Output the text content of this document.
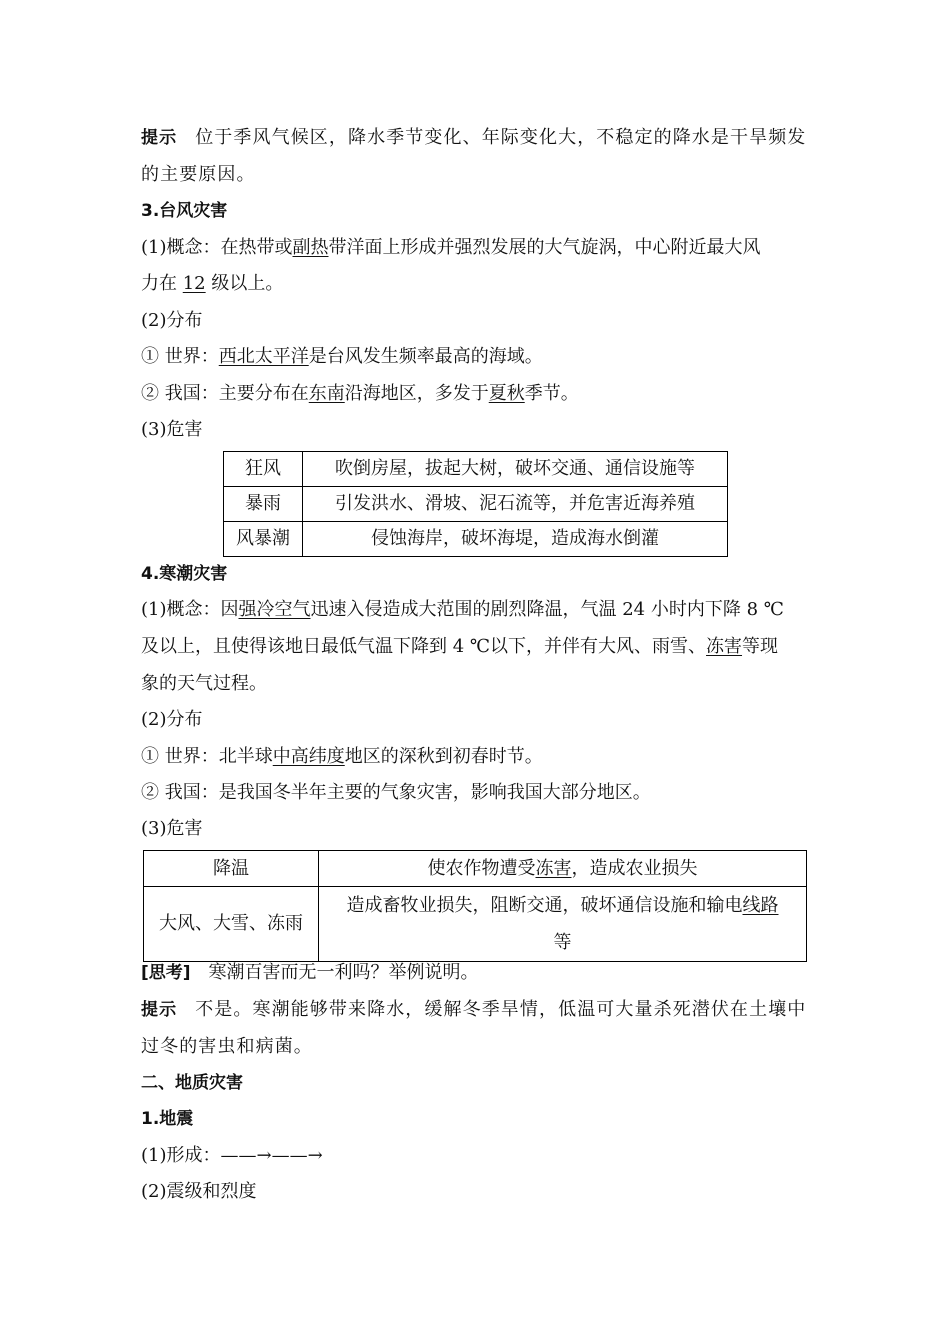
提示 位于季风气候区，降水季节变化、年际变化大，不稳定的降水是干旱频发
的主要原因。
3.台风灾害
(1)概念：在热带或副热带洋面上形成并强烈发展的大气旋涡，中心附近最大风
力在 12 级以上。
(2)分布
① 世界：西北太平洋是台风发生频率最高的海域。
② 我国：主要分布在东南沿海地区，多发于夏秋季节。
(3)危害
狂风	吹倒房屋，拔起大树，破坏交通、通信设施等
暴雨	引发洪水、滑坡、泥石流等，并危害近海养殖
风暴潮	侵蚀海岸，破坏海堤，造成海水倒灌
4.寒潮灾害
(1)概念：因强冷空气迅速入侵造成大范围的剧烈降温，气温 24 小时内下降 8 ℃
及以上，且使得该地日最低气温下降到 4 ℃以下，并伴有大风、雨雪、冻害等现
象的天气过程。
(2)分布
① 世界：北半球中高纬度地区的深秋到初春时节。
② 我国：是我国冬半年主要的气象灾害，影响我国大部分地区。
(3)危害
降温	使农作物遭受冻害，造成农业损失
大风、大雪、冻雨	造成畜牧业损失，阻断交通，破坏通信设施和输电线路
等
[思考] 寒潮百害而无一利吗？举例说明。
提示 不是。寒潮能够带来降水，缓解冬季旱情，低温可大量杀死潜伏在土壤中
过冬的害虫和病菌。
二、地质灾害
1.地震
(1)形成：——→——→
(2)震级和烈度
